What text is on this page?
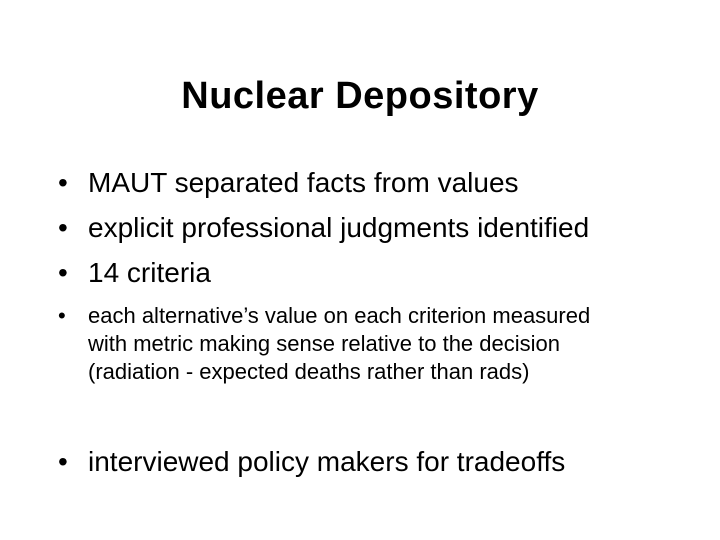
Nuclear Depository
• MAUT separated facts from values
• explicit professional judgments identified
• 14 criteria
•	each alternative’s value on each criterion measured with metric making sense relative to the decision (radiation - expected deaths rather than rads)
• interviewed policy makers for tradeoffs
